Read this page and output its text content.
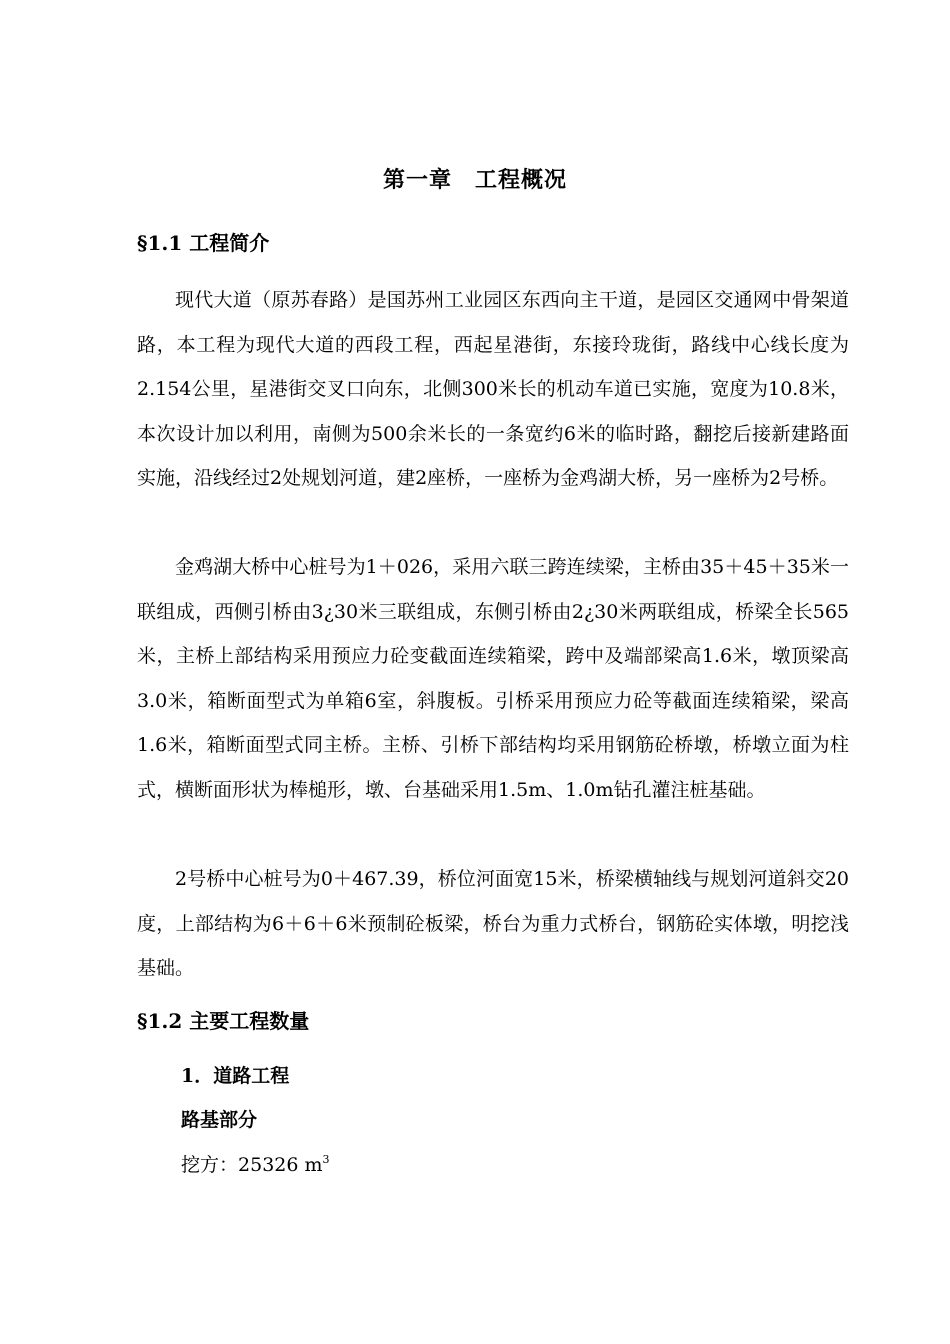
第一章　工程概况
§1.1 工程简介

现代大道（原苏春路）是国苏州工业园区东西向主干道，是园区交通网中骨架道路，本工程为现代大道的西段工程，西起星港街，东接玲珑街，路线中心线长度为2.154公里，星港街交叉口向东，北侧300米长的机动车道已实施，宽度为10.8米，本次设计加以利用，南侧为500余米长的一条宽约6米的临时路，翻挖后接新建路面实施，沿线经过2处规划河道，建2座桥，一座桥为金鸡湖大桥，另一座桥为2号桥。

金鸡湖大桥中心桩号为1＋026，采用六联三跨连续梁，主桥由35＋45＋35米一联组成，西侧引桥由3¿30米三联组成，东侧引桥由2¿30米两联组成，桥梁全长565米，主桥上部结构采用预应力砼变截面连续箱梁，跨中及端部梁高1.6米，墩顶梁高3.0米，箱断面型式为单箱6室，斜腹板。引桥采用预应力砼等截面连续箱梁，梁高1.6米，箱断面型式同主桥。主桥、引桥下部结构均采用钢筋砼桥墩，桥墩立面为柱式，横断面形状为棒槌形，墩、台基础采用1.5m、1.0m钻孔灌注桩基础。

2号桥中心桩号为0＋467.39，桥位河面宽15米，桥梁横轴线与规划河道斜交20度，上部结构为6＋6＋6米预制砼板梁，桥台为重力式桥台，钢筋砼实体墩，明挖浅基础。

§1.2 主要工程数量
1．道路工程
路基部分
挖方：25326 $m^3$
